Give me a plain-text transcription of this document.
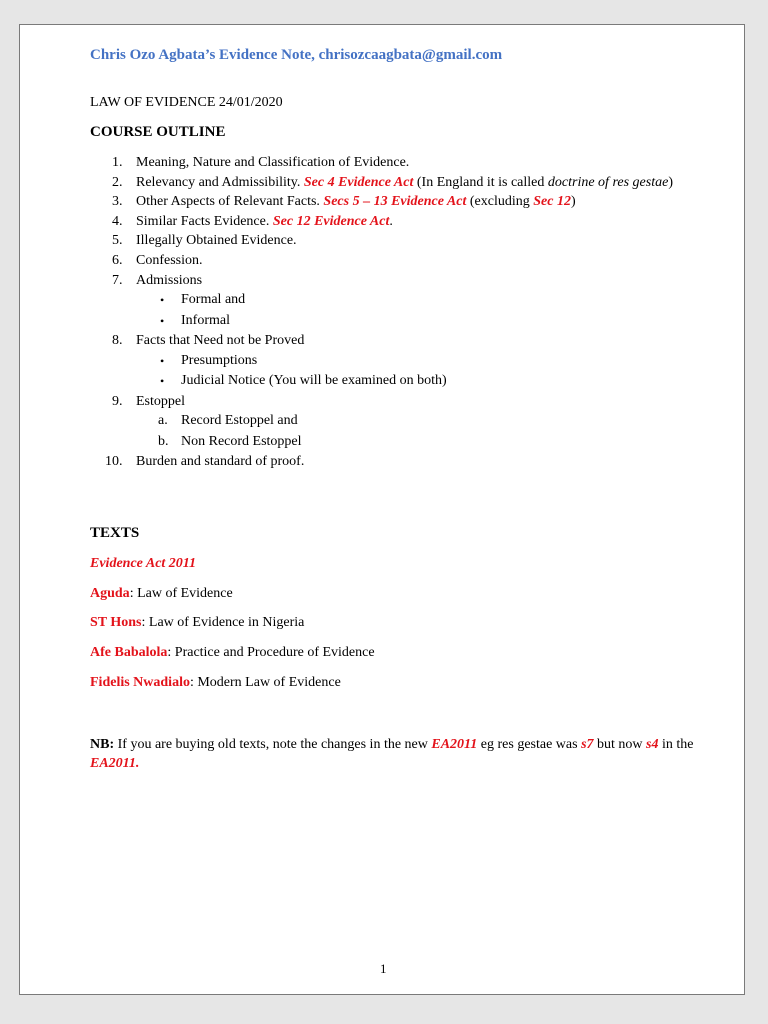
Chris Ozo Agbata’s Evidence Note, chrisozcaagbata@gmail.com
LAW OF EVIDENCE 24/01/2020
COURSE OUTLINE
1. Meaning, Nature and Classification of Evidence.
2. Relevancy and Admissibility. Sec 4 Evidence Act (In England it is called doctrine of res gestae)
3. Other Aspects of Relevant Facts. Secs 5 – 13 Evidence Act (excluding Sec 12)
4. Similar Facts Evidence. Sec 12 Evidence Act.
5. Illegally Obtained Evidence.
6. Confession.
7. Admissions
• Formal and
• Informal
8. Facts that Need not be Proved
• Presumptions
• Judicial Notice (You will be examined on both)
9. Estoppel
a. Record Estoppel and
b. Non Record Estoppel
10. Burden and standard of proof.
TEXTS
Evidence Act 2011
Aguda: Law of Evidence
ST Hons: Law of Evidence in Nigeria
Afe Babalola: Practice and Procedure of Evidence
Fidelis Nwadialo: Modern Law of Evidence
NB: If you are buying old texts, note the changes in the new EA2011 eg res gestae was s7 but now s4 in the EA2011.
1
